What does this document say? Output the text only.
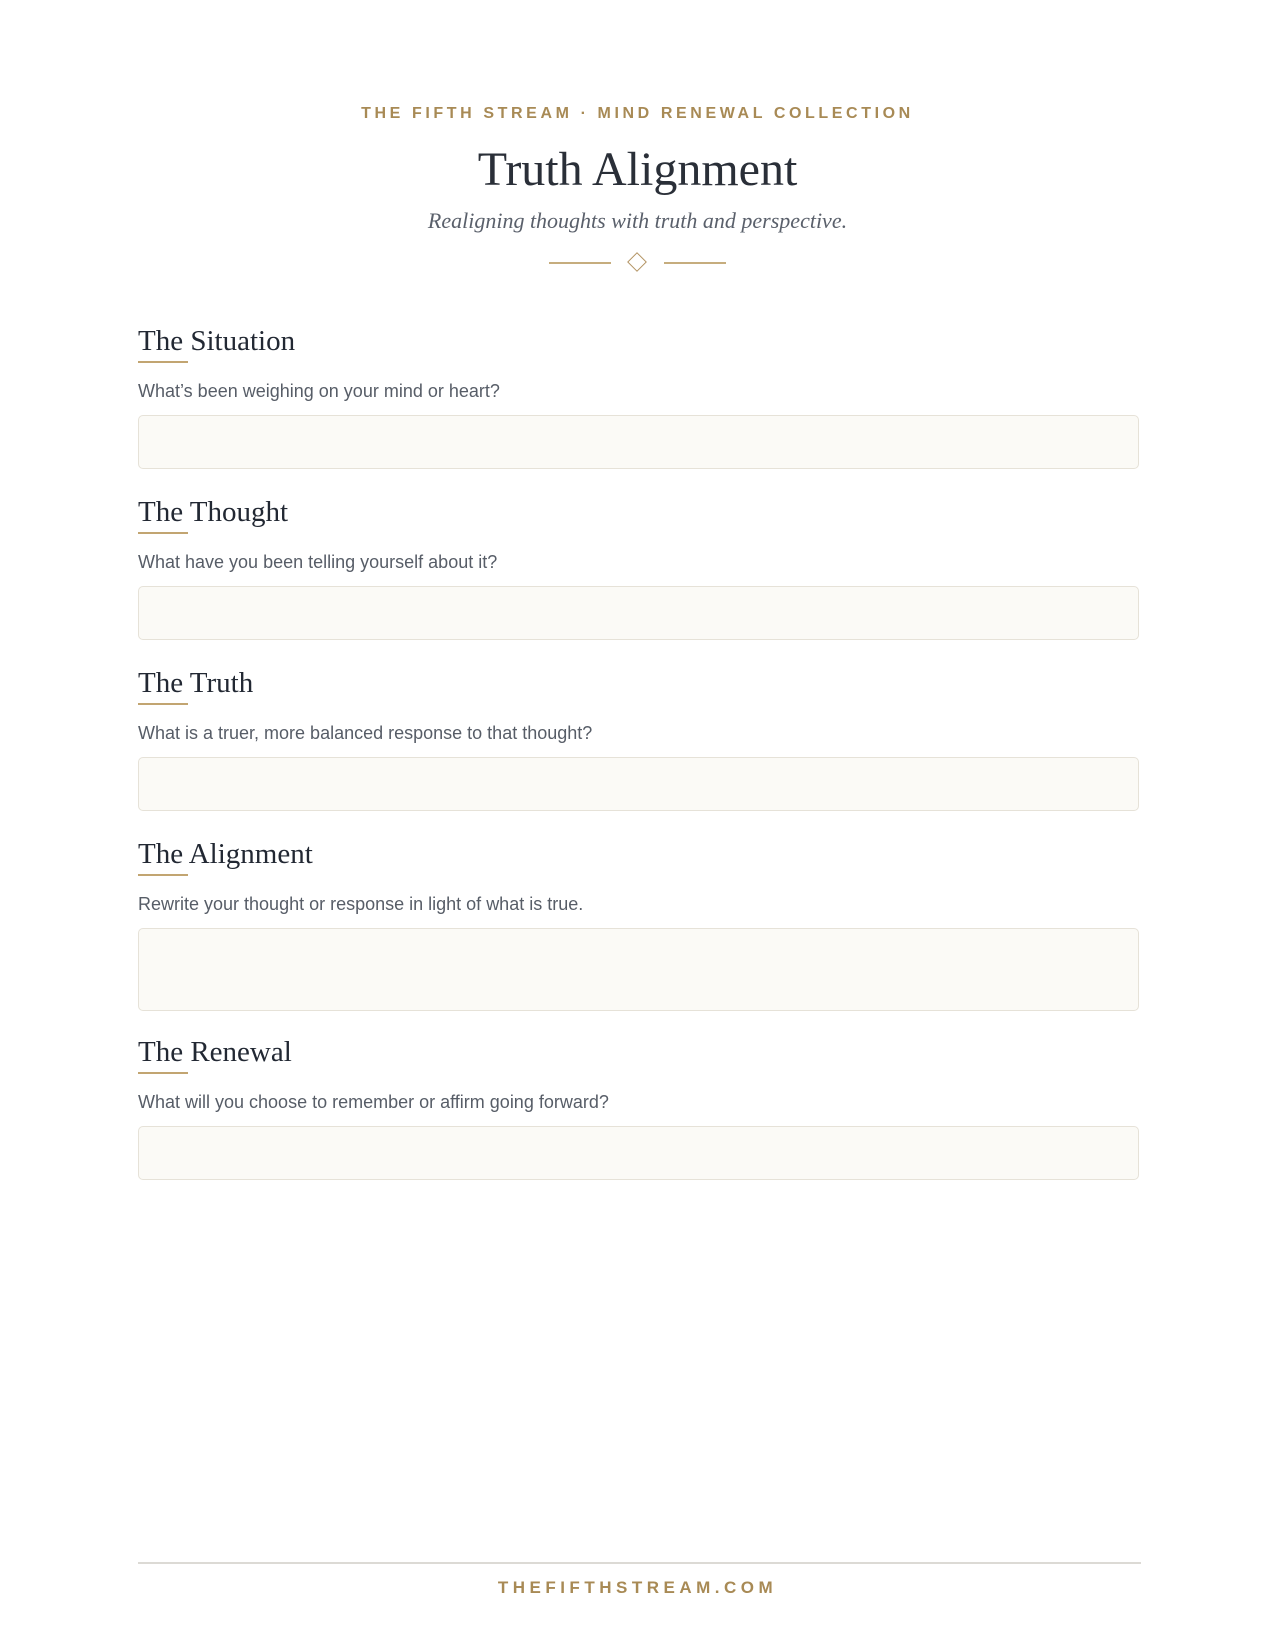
THE FIFTH STREAM · MIND RENEWAL COLLECTION
Truth Alignment
Realigning thoughts with truth and perspective.
The Situation
What’s been weighing on your mind or heart?
The Thought
What have you been telling yourself about it?
The Truth
What is a truer, more balanced response to that thought?
The Alignment
Rewrite your thought or response in light of what is true.
The Renewal
What will you choose to remember or affirm going forward?
THEFIFTHSTREAM.COM
